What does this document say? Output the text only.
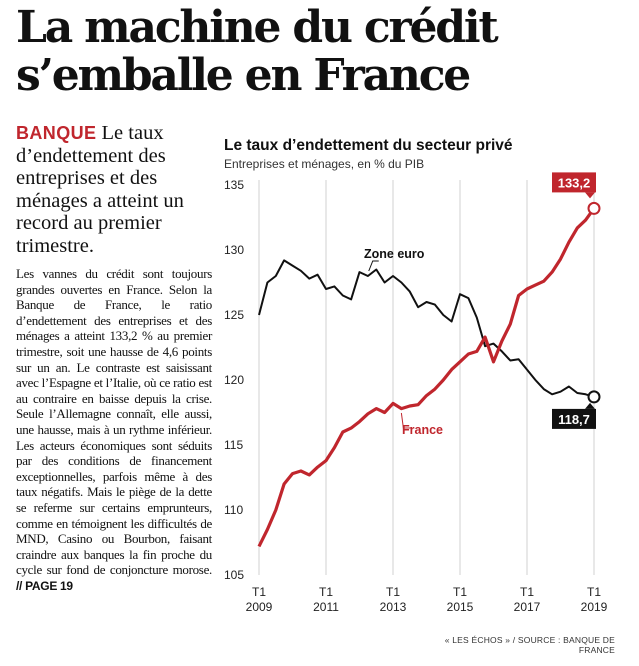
La machine du crédit
s’emballe en France
BANQUE Le taux d’endettement des entreprises et des ménages a atteint un record au premier trimestre.
Les vannes du crédit sont toujours grandes ouvertes en France. Selon la Banque de France, le ratio d’endettement des entreprises et des ménages a atteint 133,2 % au premier trimestre, soit une hausse de 4,6 points sur un an. Le contraste est saisissant avec l’Espagne et l’Italie, où ce ratio est au contraire en baisse depuis la crise. Seule l’Allemagne connaît, elle aussi, une hausse, mais à un rythme inférieur. Les acteurs économiques sont séduits par des conditions de financement exceptionnelles, parfois même à des taux négatifs. Mais le piège de la dette se referme sur certains emprunteurs, comme en témoignent les difficultés de MND, Casino ou Bourbon, faisant craindre aux banques la fin proche du cycle sur fond de conjoncture morose. // PAGE 19
Le taux d’endettement du secteur privé
Entreprises et ménages, en % du PIB
105
110
115
120
125
130
135
T1
2009
T1
2011
T1
2013
T1
2015
T1
2017
T1
2019
118,7
133,2
Zone euro
France
« LES ÉCHOS » / SOURCE : BANQUE DE FRANCE
